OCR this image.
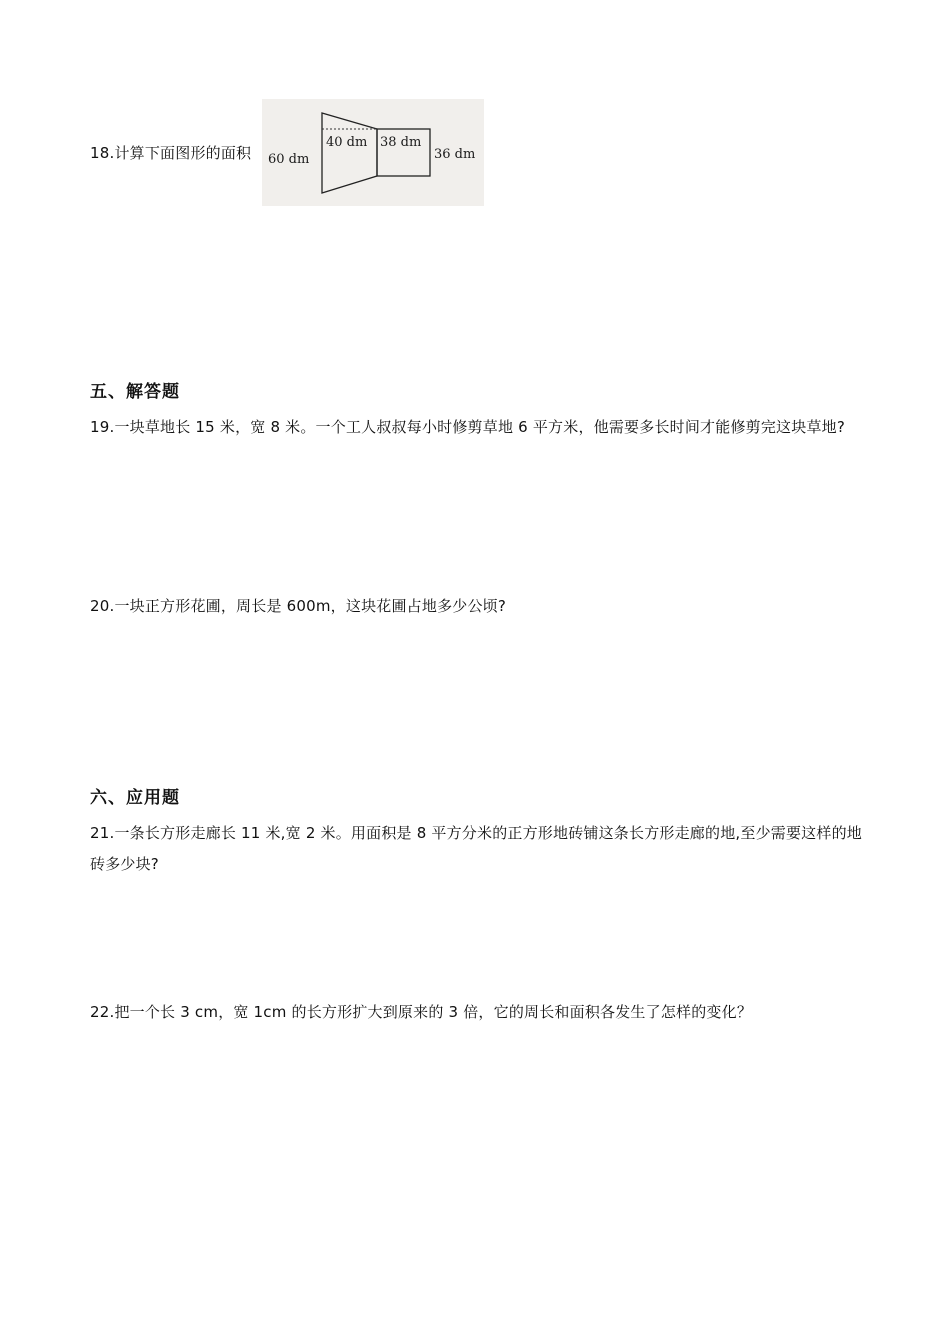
18.计算下面图形的面积	60 dm
40 dm 38 dm
36 dm
五、解答题
19.一块草地长 15 米，宽 8 米。一个工人叔叔每小时修剪草地 6 平方米，他需要多长时间才能修剪完这块草地?
20.一块正方形花圃，周长是 600m，这块花圃占地多少公顷?
六、应用题
21.一条长方形走廊长 11 米,宽 2 米。用面积是 8 平方分米的正方形地砖铺这条长方形走廊的地,至少需要这样的地砖多少块?
22.把一个长 3 cm，宽 1cm 的长方形扩大到原来的 3 倍，它的周长和面积各发生了怎样的变化？
